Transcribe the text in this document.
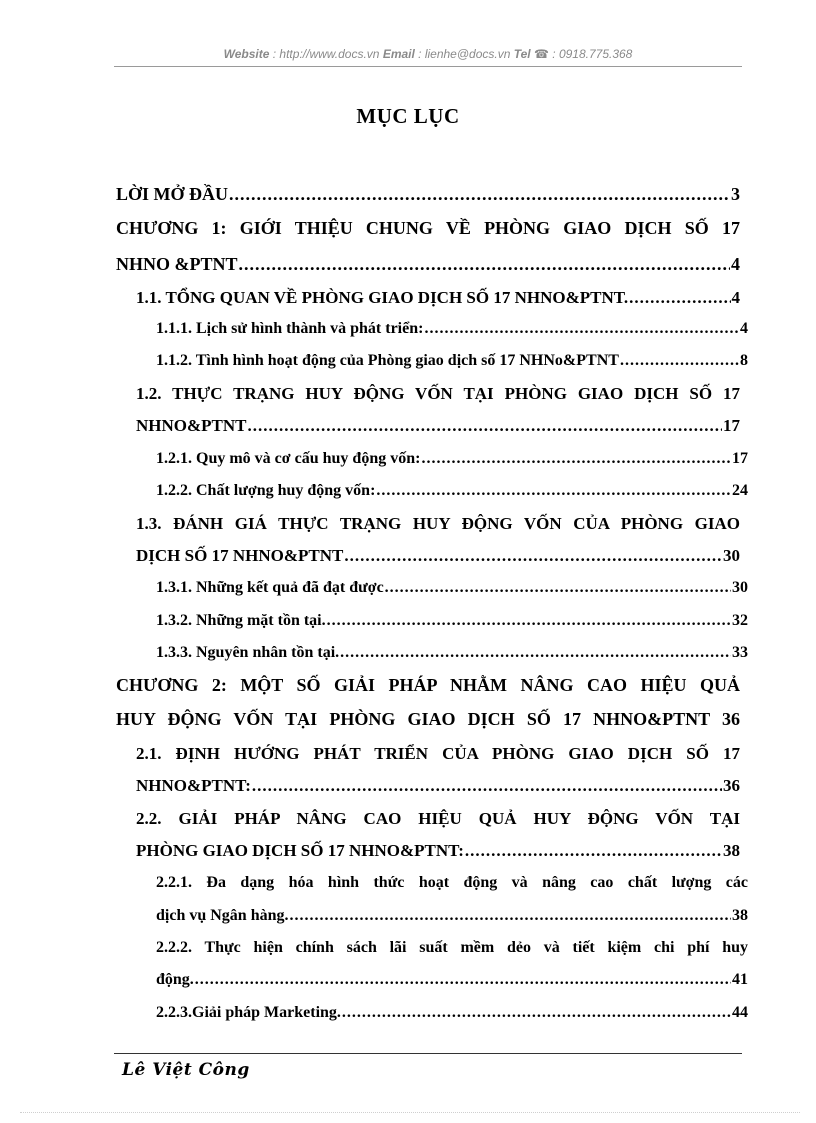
Website : http://www.docs.vn Email : lienhe@docs.vn Tel ☎ : 0918.775.368
MỤC LỤC
LỜI MỞ ĐẦU .....	3
CHƯƠNG 1: GIỚI THIỆU CHUNG VỀ PHÒNG GIAO DỊCH SỐ 17
NHNO &PTNT .....	4
1.1. TỔNG QUAN VỀ PHÒNG GIAO DỊCH SỐ 17 NHNO&PTNT. .....	4
1.1.1. Lịch sử hình thành và phát triển: .....	4
1.1.2. Tình hình hoạt động của Phòng giao dịch số 17 NHNo&PTNT .....	8
1.2. THỰC TRẠNG HUY ĐỘNG VỐN TẠI PHÒNG GIAO DỊCH SỐ 17
NHNO&PTNT .....	17
1.2.1. Quy mô và cơ cấu huy động vốn: .....	17
1.2.2. Chất lượng huy động vốn: .....	24
1.3. ĐÁNH GIÁ THỰC TRẠNG HUY ĐỘNG VỐN CỦA PHÒNG GIAO
DỊCH SỐ 17 NHNO&PTNT .....	30
1.3.1. Những kết quả đã đạt được .....	30
1.3.2. Những mặt tồn tại. .....	32
1.3.3. Nguyên nhân tồn tại. .....	33
CHƯƠNG 2: MỘT SỐ GIẢI PHÁP NHẰM NÂNG CAO HIỆU QUẢ
HUY ĐỘNG VỐN TẠI PHÒNG GIAO DỊCH SỐ 17 NHNO&PTNT 36
2.1. ĐỊNH HƯỚNG PHÁT TRIỂN CỦA PHÒNG GIAO DỊCH SỐ 17
NHNO&PTNT: .....	36
2.2. GIẢI PHÁP NÂNG CAO HIỆU QUẢ HUY ĐỘNG VỐN TẠI
PHÒNG GIAO DỊCH SỐ 17 NHNO&PTNT: .....	38
2.2.1. Đa dạng hóa hình thức hoạt động và nâng cao chất lượng các
dịch vụ Ngân hàng. .....	38
2.2.2. Thực hiện chính sách lãi suất mềm dẻo và tiết kiệm chi phí huy
động. .....	41
2.2.3.Giải pháp Marketing. .....	44
Lê Việt Công
